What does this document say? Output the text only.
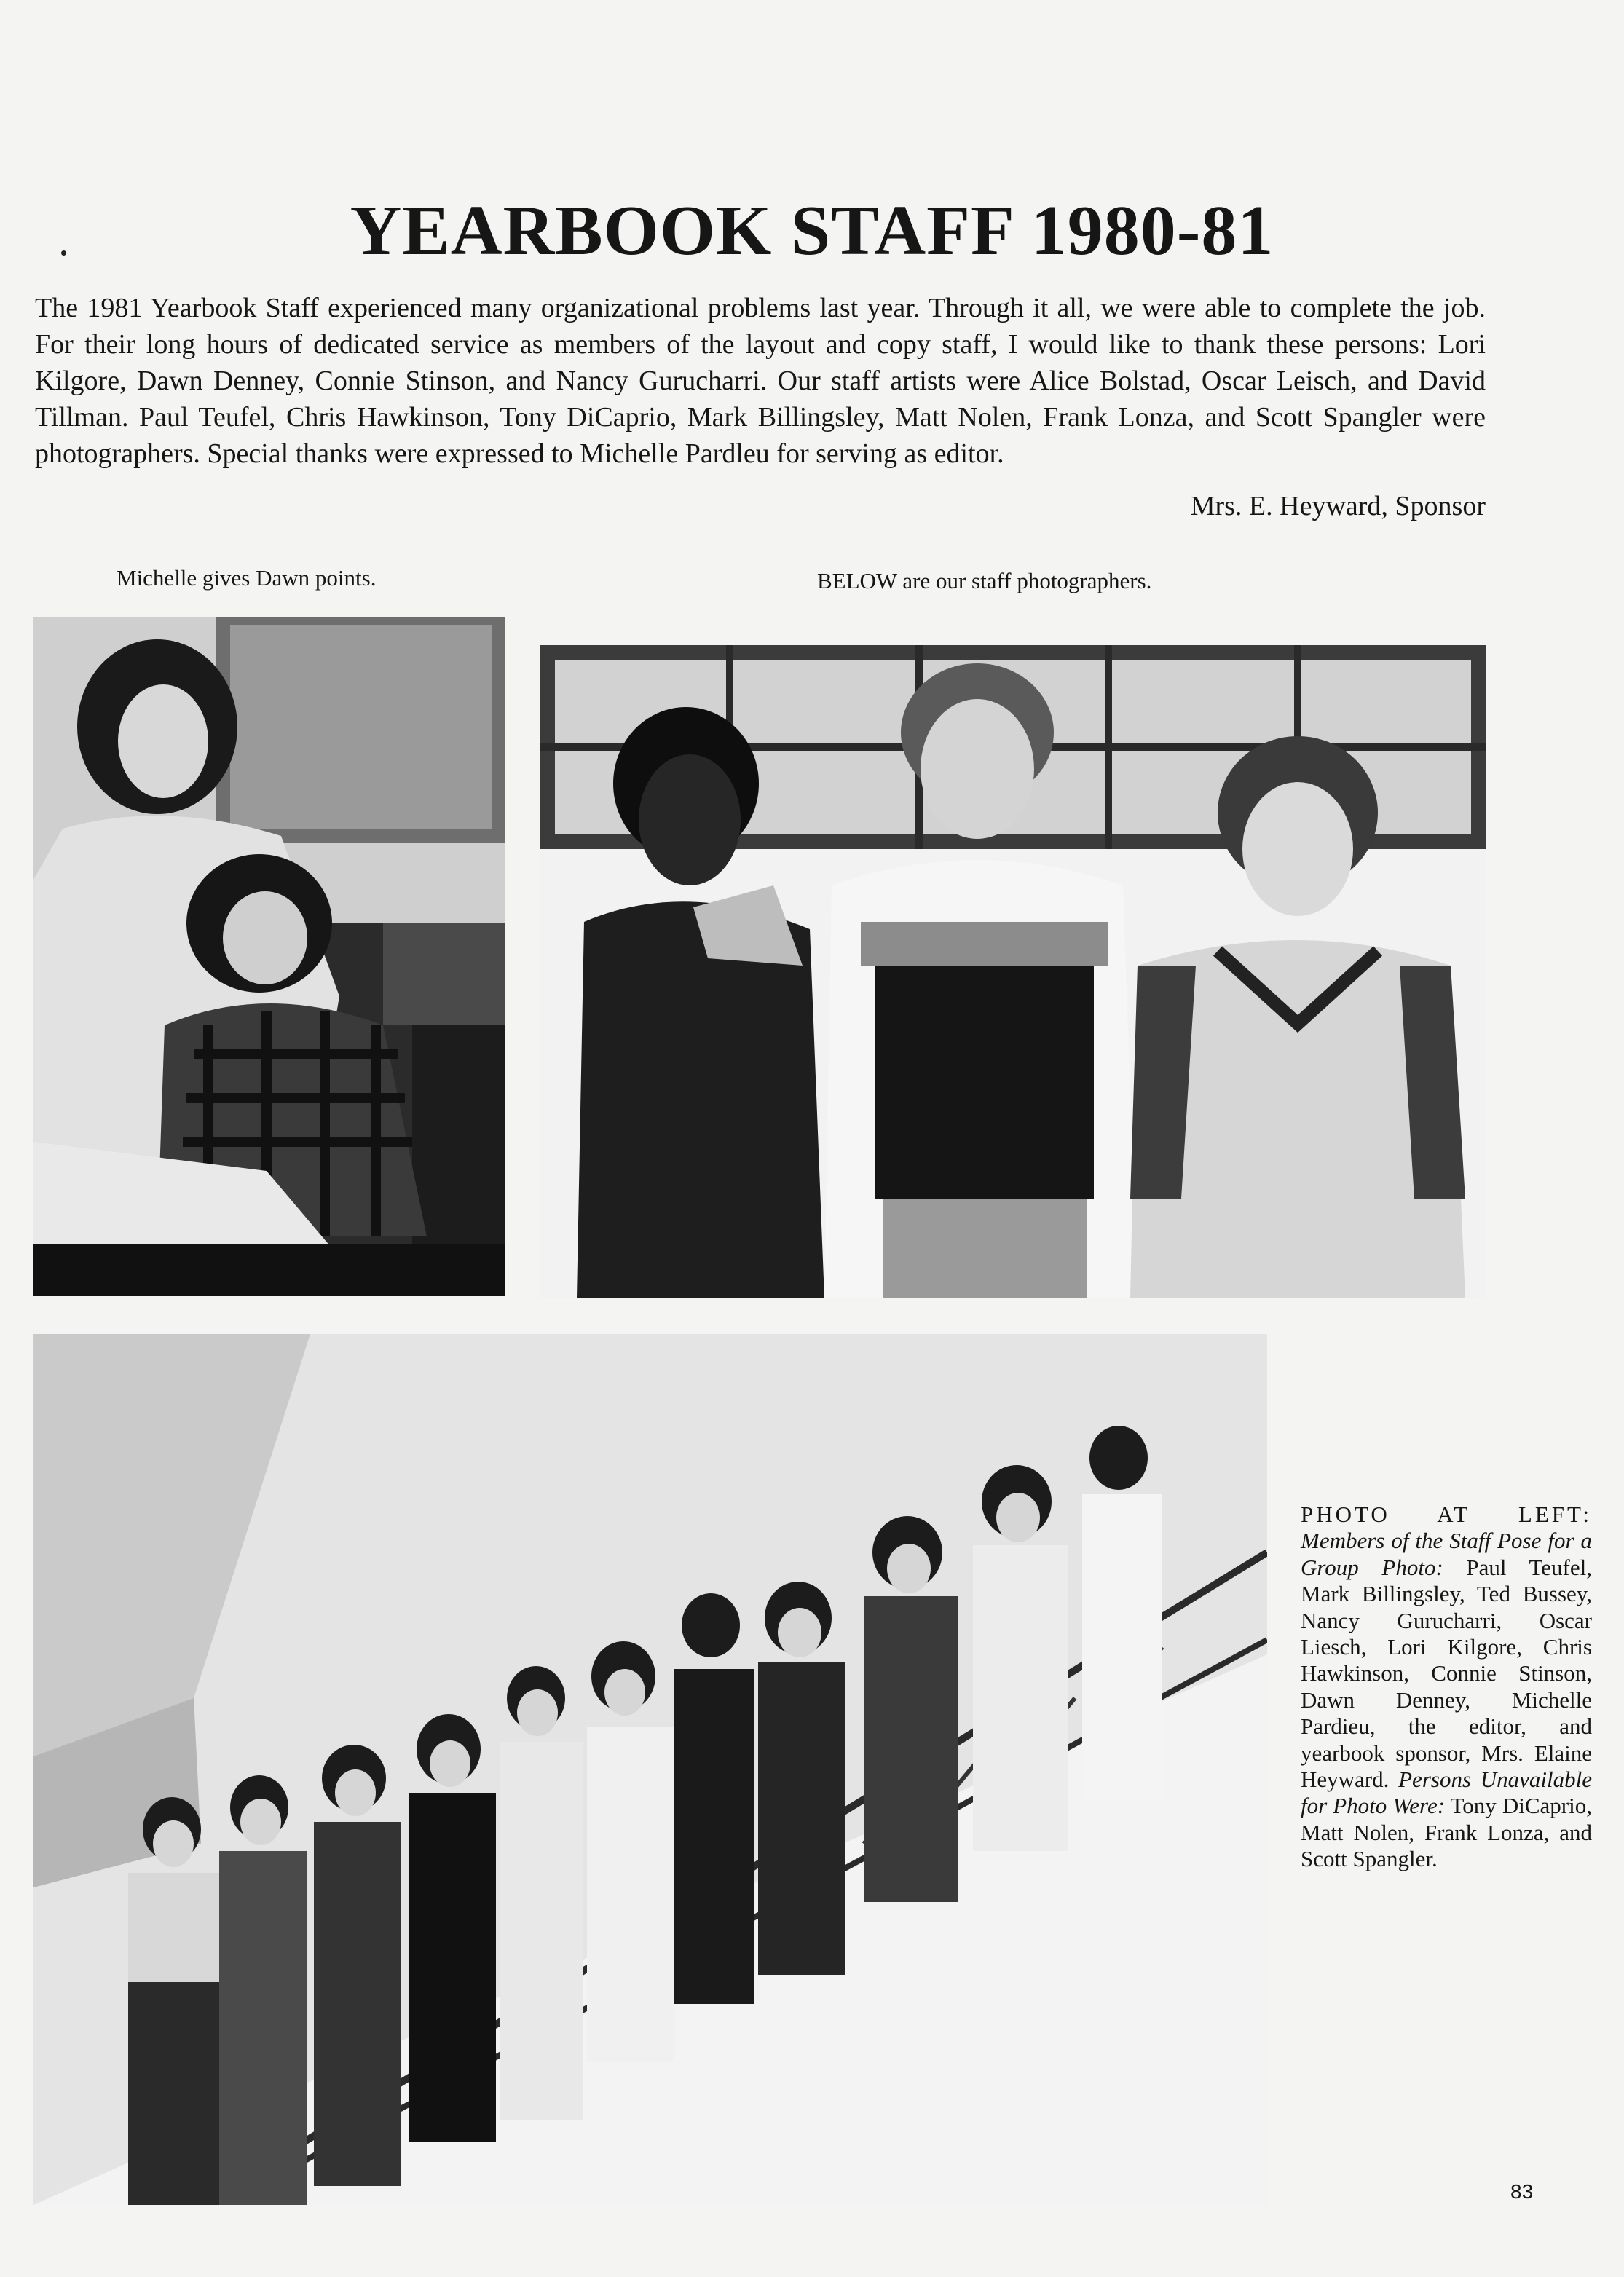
YEARBOOK STAFF 1980-81

The 1981 Yearbook Staff experienced many organizational problems last year. Through it all, we were able to complete the job. For their long hours of dedicated service as members of the layout and copy staff, I would like to thank these persons: Lori Kilgore, Dawn Denney, Connie Stinson, and Nancy Gurucharri. Our staff artists were Alice Bolstad, Oscar Leisch, and David Tillman. Paul Teufel, Chris Hawkinson, Tony DiCaprio, Mark Billingsley, Matt Nolen, Frank Lonza, and Scott Spangler were photographers. Special thanks were expressed to Michelle Pardleu for serving as editor.

Mrs. E. Heyward, Sponsor
Michelle gives Dawn points.	BELOW are our staff photographers.

PHOTO AT LEFT: Members of the Staff Pose for a Group Photo: Paul Teufel, Mark Billingsley, Ted Bussey, Nancy Gurucharri, Oscar Liesch, Lori Kilgore, Chris Hawkinson, Connie Stinson, Dawn Denney, Michelle Pardieu, the editor, and yearbook sponsor, Mrs. Elaine Heyward. Persons Unavailable for Photo Were: Tony DiCaprio, Matt Nolen, Frank Lonza, and Scott Spangler.

83
